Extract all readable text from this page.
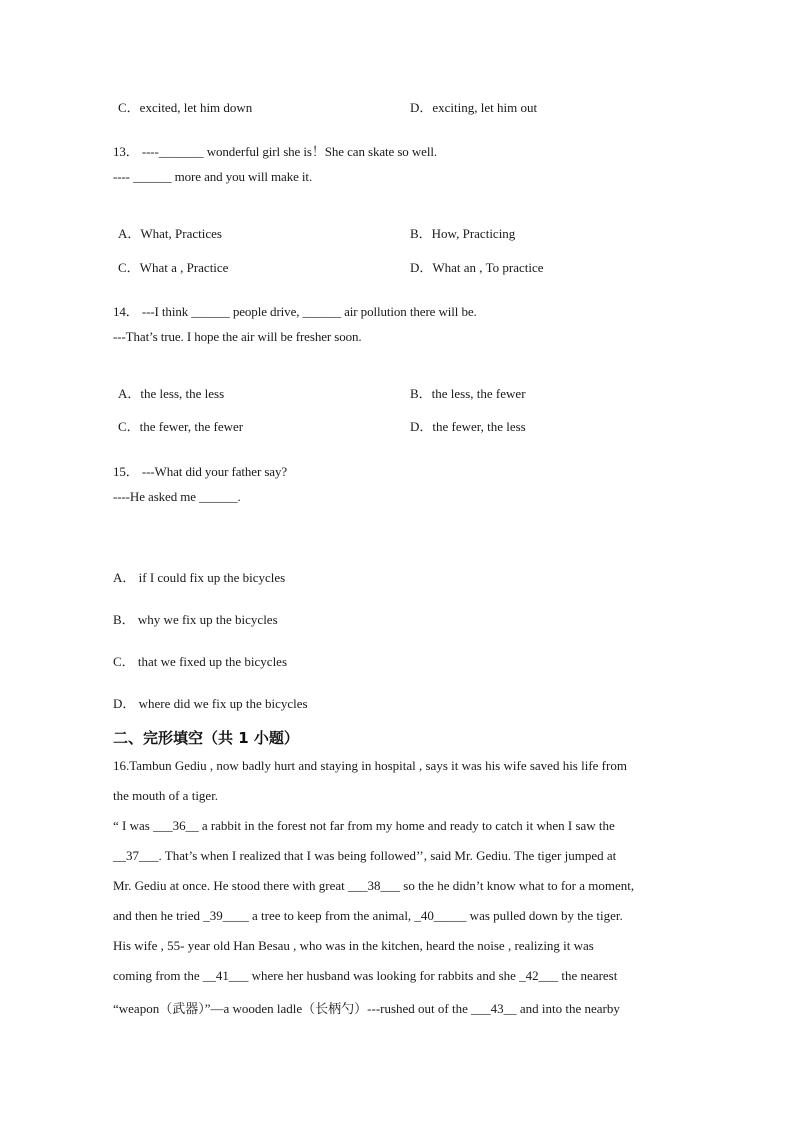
C．excited, let him down	D．exciting, let him out
13． ----_______ wonderful girl she is！She can skate so well.
---- ______ more and you will make it.
A．What, Practices	B．How, Practicing
C．What a , Practice	D．What an , To practice
14． ---I think ______ people drive, ______ air pollution there will be.
---That’s true. I hope the air will be fresher soon.
A．the less, the less	B．the less, the fewer
C．the fewer, the fewer	D．the fewer, the less
15． ---What did your father say?
----He asked me ______.
A． if I could fix up the bicycles
B． why we fix up the bicycles
C． that we fixed up the bicycles
D． where did we fix up the bicycles
二、完形填空（共 1 小题）
16.Tambun Gediu , now badly hurt and staying in hospital , says it was his wife saved his life from
the mouth of a tiger.
“ I was ___36__ a rabbit in the forest not far from my home and ready to catch it when I saw the
__37___. That’s when I realized that I was being followed’’, said Mr. Gediu. The tiger jumped at
Mr. Gediu at once. He stood there with great ___38___ so the he didn’t know what to for a moment,
and then he tried _39____ a tree to keep from the animal, _40_____ was pulled down by the tiger.
His wife , 55- year old Han Besau , who was in the kitchen, heard the noise , realizing it was
coming from the __41___ where her husband was looking for rabbits and she _42___ the nearest
“weapon（武器）”—a wooden ladle（长柄勺）---rushed out of the ___43__ and into the nearby
